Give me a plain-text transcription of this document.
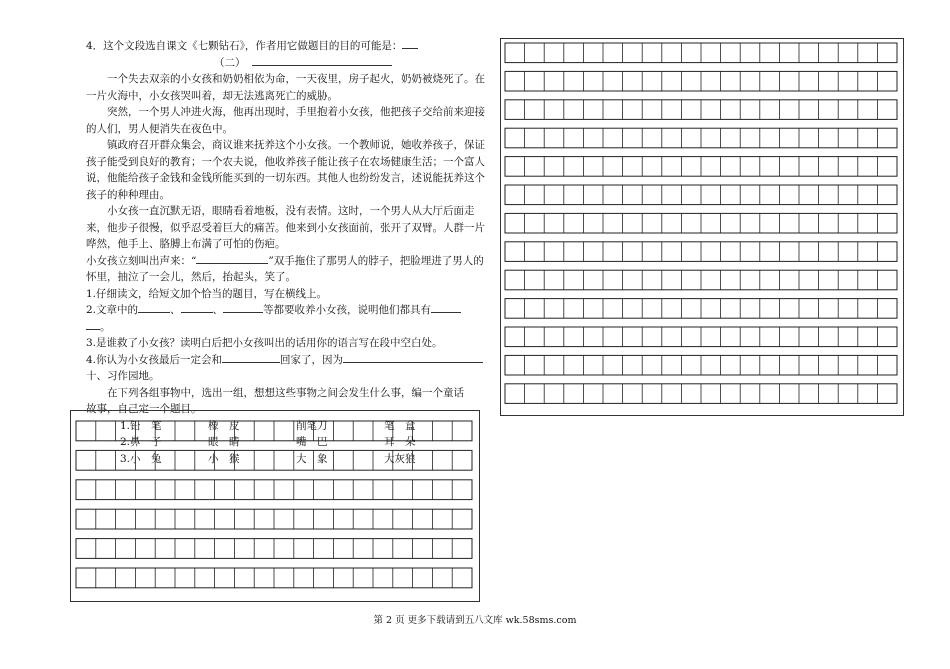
4．这个文段选自课文《七颗钻石》，作者用它做题目的目的可能是：

（二）

一个失去双亲的小女孩和奶奶相依为命，一天夜里，房子起火，奶奶被烧死了。在一片火海中，小女孩哭叫着，却无法逃离死亡的威胁。

突然，一个男人冲进火海，他再出现时，手里抱着小女孩，他把孩子交给前来迎接的人们，男人便消失在夜色中。

镇政府召开群众集会，商议谁来抚养这个小女孩。一个教师说，她收养孩子，保证孩子能受到良好的教育；一个农夫说，他收养孩子能让孩子在农场健康生活；一个富人说，他能给孩子金钱和金钱所能买到的一切东西。其他人也纷纷发言，述说能抚养这个孩子的种种理由。

小女孩一直沉默无语，眼睛看着地板，没有表情。这时，一个男人从大厅后面走来，他步子很慢，似乎忍受着巨大的痛苦。他来到小女孩面前，张开了双臂。人群一片哗然，他手上、胳膊上布满了可怕的伤疤。

小女孩立刻叫出声来：“	”双手拖住了那男人的脖子，把脸埋进了男人的怀里，抽泣了一会儿，然后，抬起头，笑了。

1.仔细读文，给短文加个恰当的题目，写在横线上。

2.文章中的	、	、	等都要收养小女孩，说明他们都具有
。

3.是谁救了小女孩？读明白后把小女孩叫出的话用你的语言写在段中空白处。

4.你认为小女孩最后一定会和	回家了，因为

十、习作园地。

在下列各组事物中，选出一组，想想这些事物之间会发生什么事，编一个童话

故事，自己定一个题目。

1.铅　笔	橡　皮	削笔刀	笔　盒
2.鼻　子	眼　睛	嘴　巴	耳　朵
3.小　兔	小　猴	大　象	大灰狼
第 2 页 更多下载请到五八文库 wk.58sms.com
